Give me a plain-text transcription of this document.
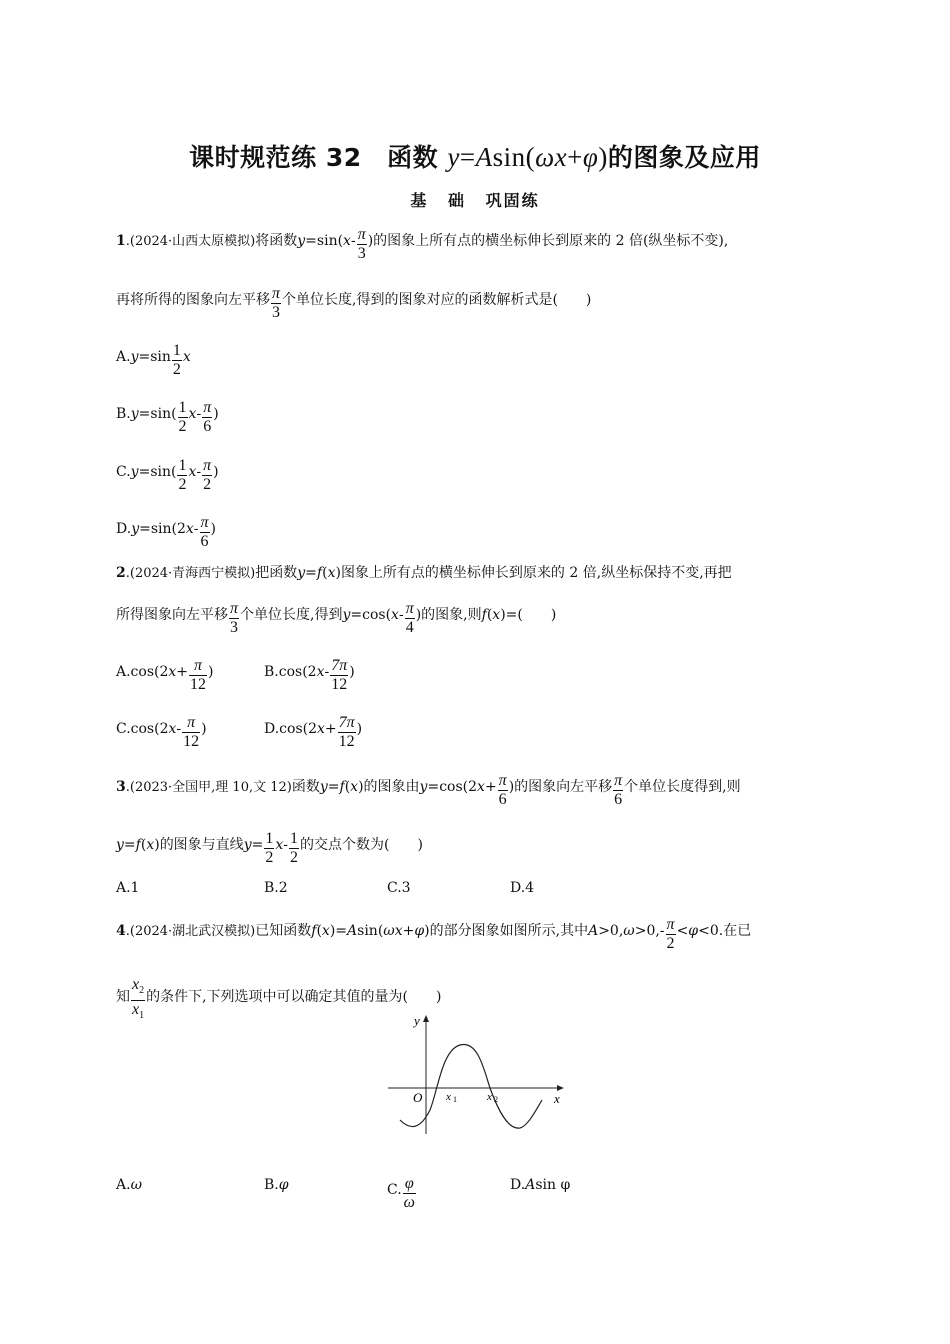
课时规范练 32　函数 y=Asin(ωx+φ)的图象及应用
基 础 巩固练
1.(2024·山西太原模拟)将函数$y=\sin(x- \frac{\pi}{3}$ )的图象上所有点的横坐标伸长到原来的 2 倍(纵坐标不变),
再将所得的图象向左平移 $\frac{\pi}{3}$ 个单位长度,得到的图象对应的函数解析式是(　　)
$A.y=\sin \frac{1}{2}$ x
$B.y=\sin( \frac{1}{2} x- \frac{\pi}{6}$ )
$C.y=\sin( \frac{1}{2} x- \frac{\pi}{2}$ )
$D.y=\sin(2x- \frac{\pi}{6}$ )
2.(2024·青海西宁模拟)把函数y=f(x)图象上所有点的横坐标伸长到原来的 2 倍,纵坐标保持不变,再把
所得图象向左平移 $\frac{\pi}{3}$ 个单位长度,得到$y=\cos(x- \frac{\pi}{4}$ )的图象,则f(x)=(　　)
$A.\cos(2x+ \frac{\pi}{12}$ )	$B.\cos(2x- \frac{7\pi}{12}$ )
$C.\cos(2x- \frac{\pi}{12}$ )	$D.\cos(2x+ \frac{7\pi}{12}$ )
3.(2023·全国甲,理 10,文 12)函数y=f(x)的图象由$y=\cos(2x+ \frac{\pi}{6}$ )的图象向左平移 $\frac{\pi}{6}$ 个单位长度得到,则
y=f(x)的图象与直线$y= \frac{1}{2} x- \frac{1}{2}$ 的交点个数为(　　)
A.1	B.2	C.3	D.4
4.(2024·湖北武汉模拟)已知函数f(x)=Asin(ωx+φ)的部分图象如图所示,其中$A>0,\omega>0,- \frac{\pi}{2} <\varphi<0$.在已
知 $\frac{x_2}{x_1}$ 的条件下,下列选项中可以确定其值的量为(　　)
y
x
O x 1	x 2
A.ω	B.φ	C. $\frac{\varphi}{\omega}$	D.Asin φ
